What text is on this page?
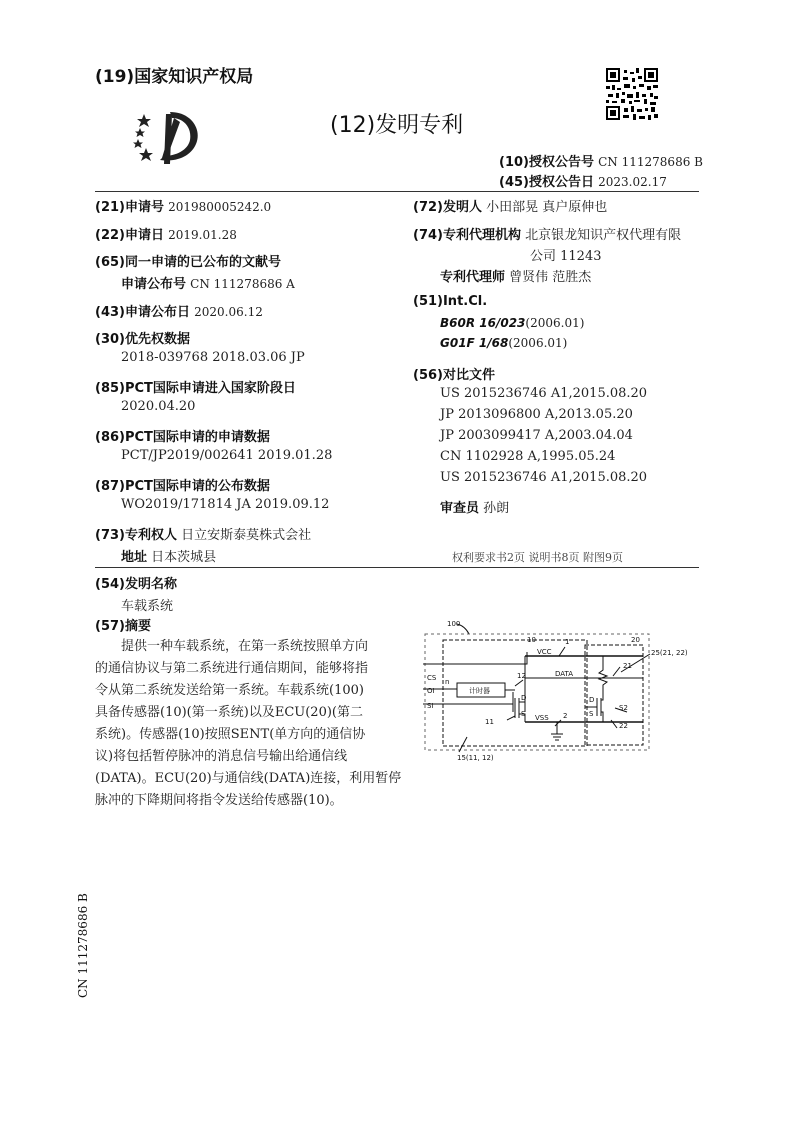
(19)国家知识产权局
(12)发明专利
(10)授权公告号 CN 111278686 B
(45)授权公告日 2023.02.17
(21)申请号 201980005242.0
(22)申请日 2019.01.28
(65)同一申请的已公布的文献号
申请公布号 CN 111278686 A
(43)申请公布日 2020.06.12
(30)优先权数据
2018-039768 2018.03.06 JP
(85)PCT国际申请进入国家阶段日
2020.04.20
(86)PCT国际申请的申请数据
PCT/JP2019/002641 2019.01.28
(87)PCT国际申请的公布数据
WO2019/171814 JA 2019.09.12
(73)专利权人 日立安斯泰莫株式会社
地址 日本茨城县
(72)发明人 小田部晃 真户原伸也
(74)专利代理机构 北京银龙知识产权代理有限
公司 11243
专利代理师 曾贤伟 范胜杰
(51)Int.Cl.
B60R 16/023(2006.01)
G01F 1/68(2006.01)
(56)对比文件
US 2015236746 A1,2015.08.20
JP 2013096800 A,2013.05.20
JP 2003099417 A,2003.04.04
CN 1102928 A,1995.05.24
US 2015236746 A1,2015.08.20
审查员 孙朗
权利要求书2页 说明书8页 附图9页
(54)发明名称
车载系统
(57)摘要

提供一种车载系统，在第一系统按照单方向

的通信协议与第二系统进行通信期间，能够将指

令从第二系统发送给第一系统。车载系统(100)

具备传感器(10)(第一系统)以及ECU(20)(第二

系统)。传感器(10)按照SENT(单方向的通信协

议)将包括暂停脉冲的消息信号输出给通信线

(DATA)。ECU(20)与通信线(DATA)连接，利用暂停

脉冲的下降期间将指令发送给传感器(10)。

100
10	20
VCC
1
25(21, 22)
21
DATA
CS n
12
OI	计时器
SI
D
S
D
S
S2
22
11	VSS 2
15(11, 12)
CN 111278686 B
